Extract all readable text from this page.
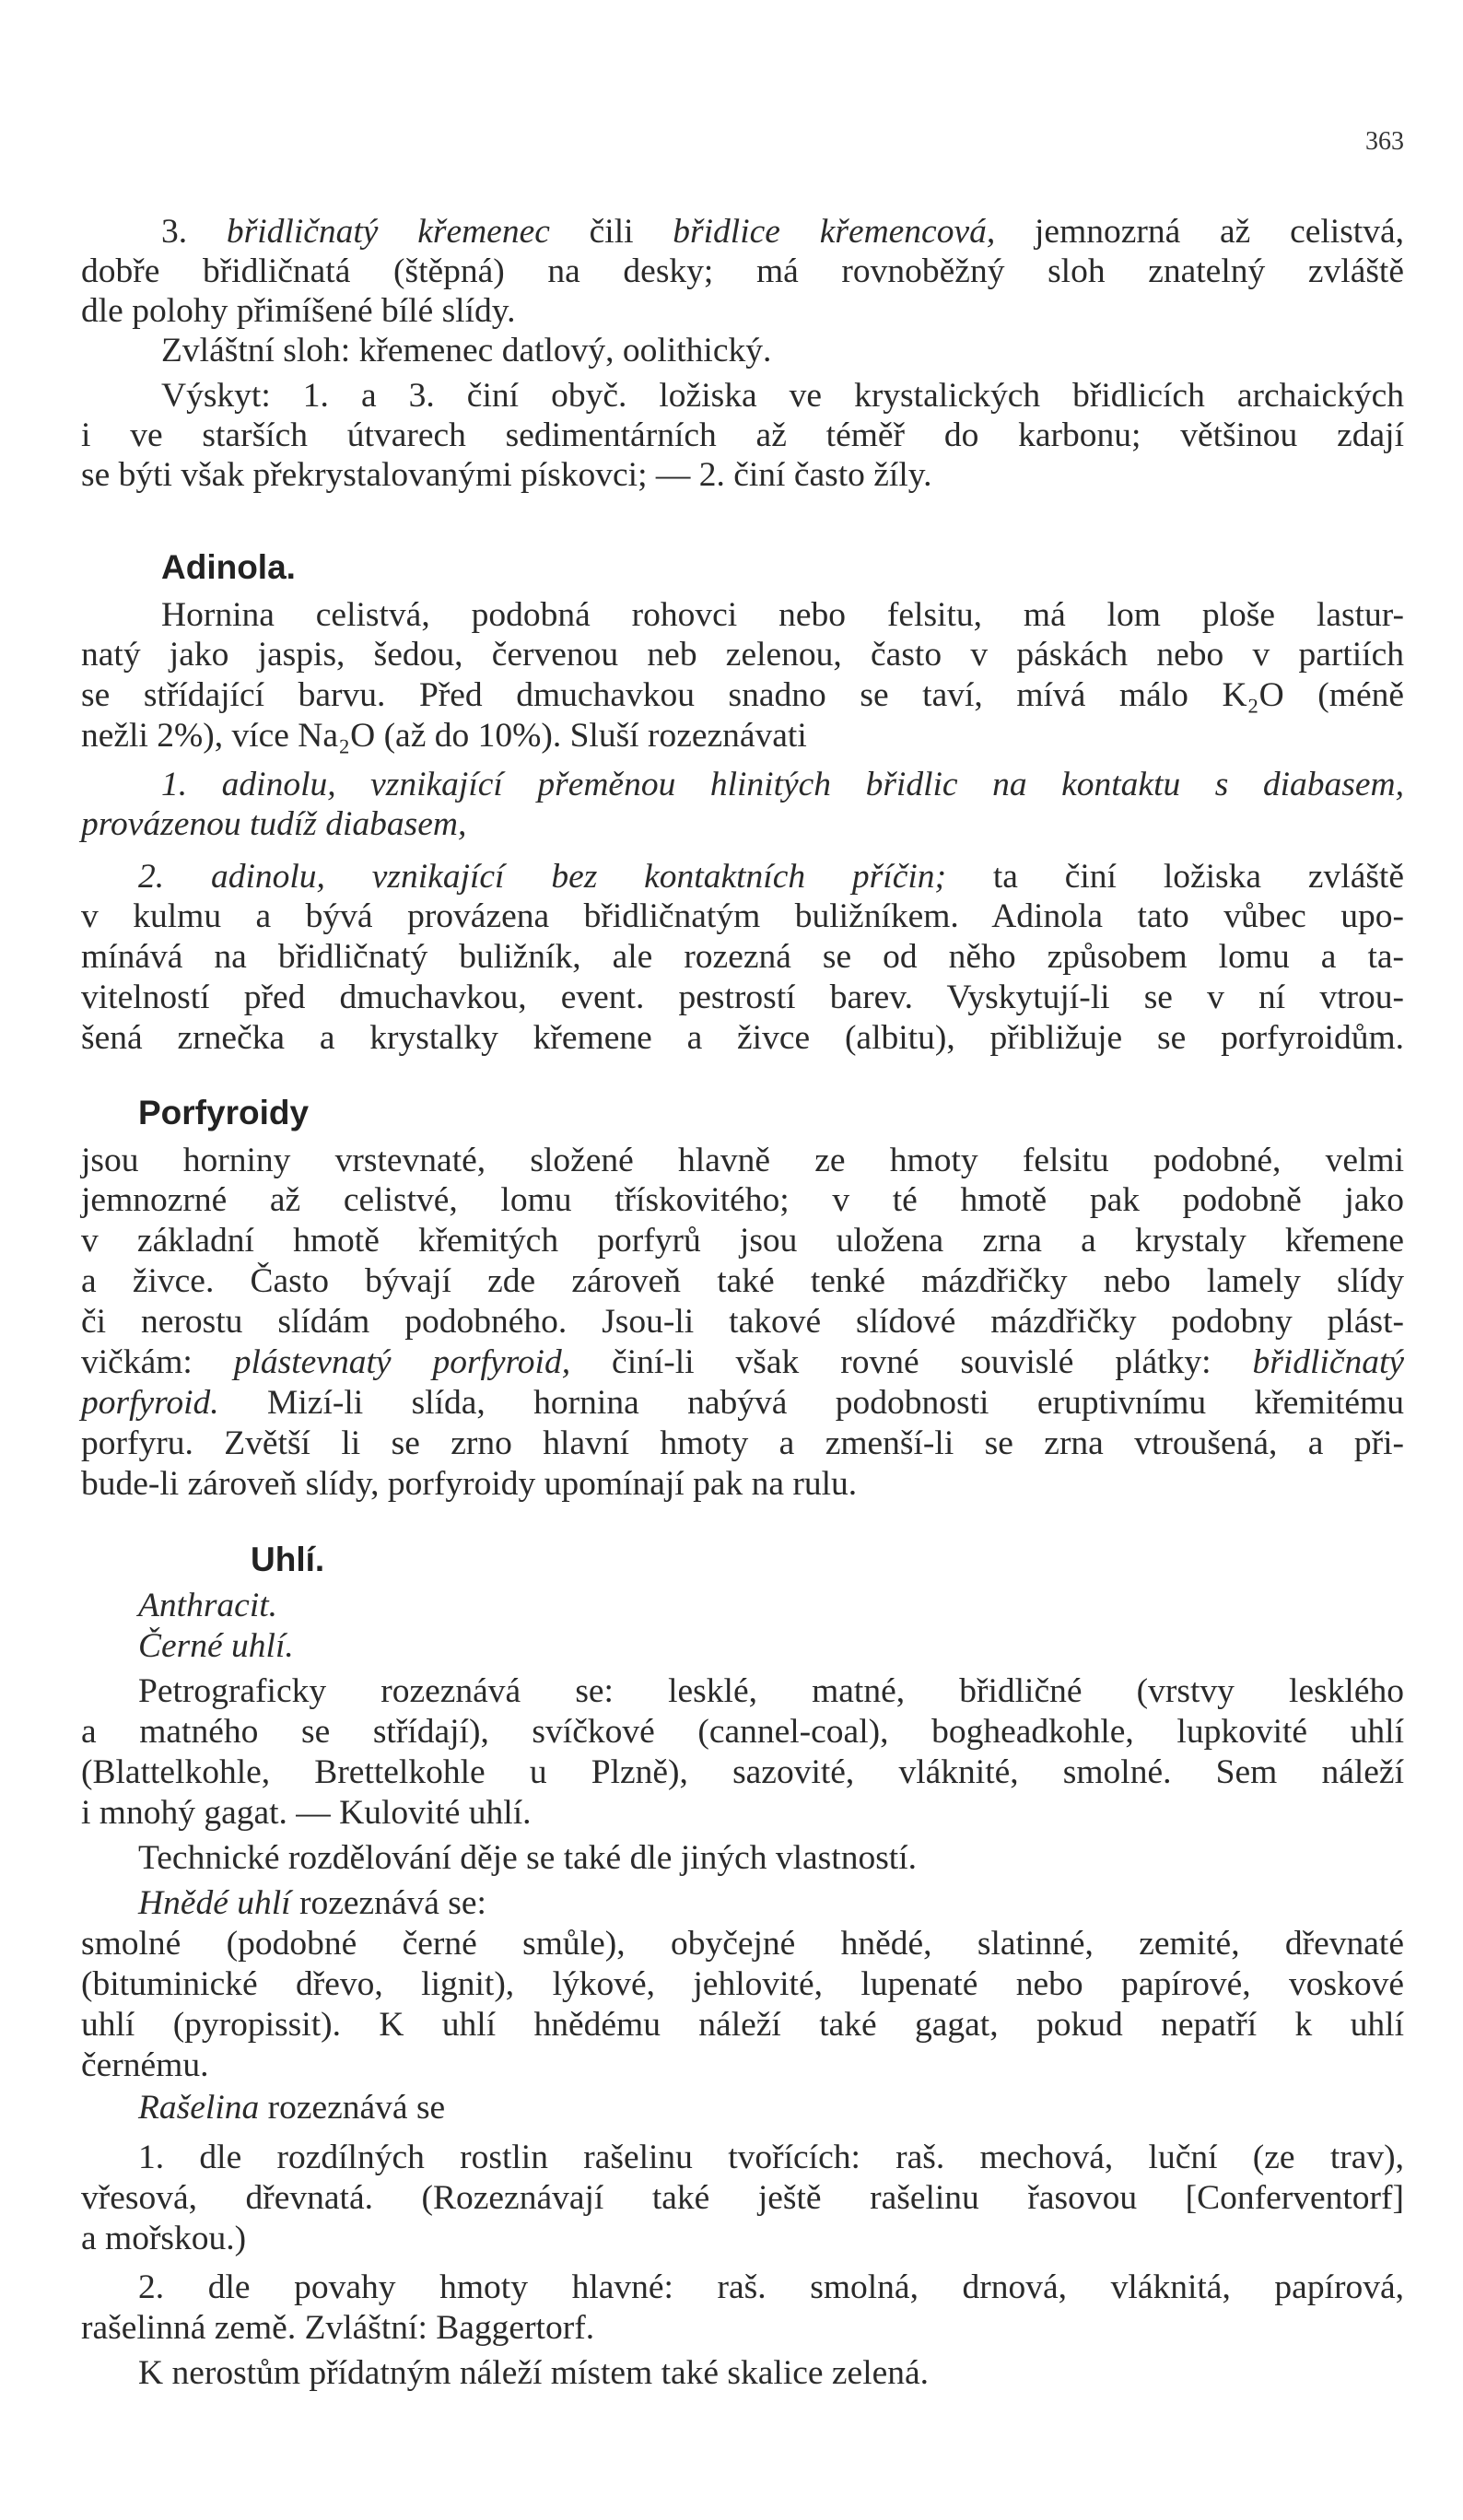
363
3. břidličnatý křemenec čili břidlice křemencová, jemnozrná až celistvá,
dobře břidličnatá (štěpná) na desky; má rovnoběžný sloh znatelný zvláště
dle polohy přimíšené bílé slídy.
Zvláštní sloh: křemenec datlový, oolithický.
Výskyt: 1. a 3. činí obyč. ložiska ve krystalických břidlicích archaických
i ve starších útvarech sedimentárních až téměř do karbonu; většinou zdají
se býti však překrystalovanými pískovci; — 2. činí často žíly.
Adinola.
Hornina celistvá, podobná rohovci nebo felsitu, má lom ploše lastur-
natý jako jaspis, šedou, červenou neb zelenou, často v páskách nebo v partiích
se střídající barvu. Před dmuchavkou snadno se taví, mívá málo K₂O (méně
nežli 2%), více Na₂O (až do 10%). Sluší rozeznávati
1. adinolu, vznikající přeměnou hlinitých břidlic na kontaktu s diabasem,
provázenou tudíž diabasem,
2. adinolu, vznikající bez kontaktních příčin; ta činí ložiska zvláště
v kulmu a bývá provázena břidličnatým buližníkem. Adinola tato vůbec upo-
mínává na břidličnatý buližník, ale rozezná se od něho způsobem lomu a ta-
vitelností před dmuchavkou, event. pestrostí barev. Vyskytují-li se v ní vtrou-
šená zrnečka a krystalky křemene a živce (albitu), přibližuje se porfyroidům.
Porfyroidy
jsou horniny vrstevnaté, složené hlavně ze hmoty felsitu podobné, velmi
jemnozrné až celistvé, lomu třískovitého; v té hmotě pak podobně jako
v základní hmotě křemitých porfyrů jsou uložena zrna a krystaly křemene
a živce. Často bývají zde zároveň také tenké mázdřičky nebo lamely slídy
či nerostu slídám podobného. Jsou-li takové slídové mázdřičky podobny plást-
vičkám: plástevnatý porfyroid, činí-li však rovné souvislé plátky: břidličnatý
porfyroid. Mizí-li slída, hornina nabývá podobnosti eruptivnímu křemitému
porfyru. Zvětší li se zrno hlavní hmoty a zmenší-li se zrna vtroušená, a při-
bude-li zároveň slídy, porfyroidy upomínají pak na rulu.
Uhlí.
Anthracit.
Černé uhlí.
Petrograficky rozeznává se: lesklé, matné, břidličné (vrstvy lesklého
a matného se střídají), svíčkové (cannel-coal), bogheadkohle, lupkovité uhlí
(Blattelkohle, Brettelkohle u Plzně), sazovité, vláknité, smolné. Sem náleží
i mnohý gagat. — Kulovité uhlí.
Technické rozdělování děje se také dle jiných vlastností.
Hnědé uhlí rozeznává se:
smolné (podobné černé smůle), obyčejné hnědé, slatinné, zemité, dřevnaté
(bituminické dřevo, lignit), lýkové, jehlovité, lupenaté nebo papírové, voskové
uhlí (pyropissit). K uhlí hnědému náleží také gagat, pokud nepatří k uhlí
černému.
Rašelina rozeznává se
1. dle rozdílných rostlin rašelinu tvořících: raš. mechová, luční (ze trav),
vřesová, dřevnatá. (Rozeznávají také ještě rašelinu řasovou [Conferventorf]
a mořskou.)
2. dle povahy hmoty hlavné: raš. smolná, drnová, vláknitá, papírová,
rašelinná země. Zvláštní: Baggertorf.
K nerostům přídatným náleží místem také skalice zelená.
